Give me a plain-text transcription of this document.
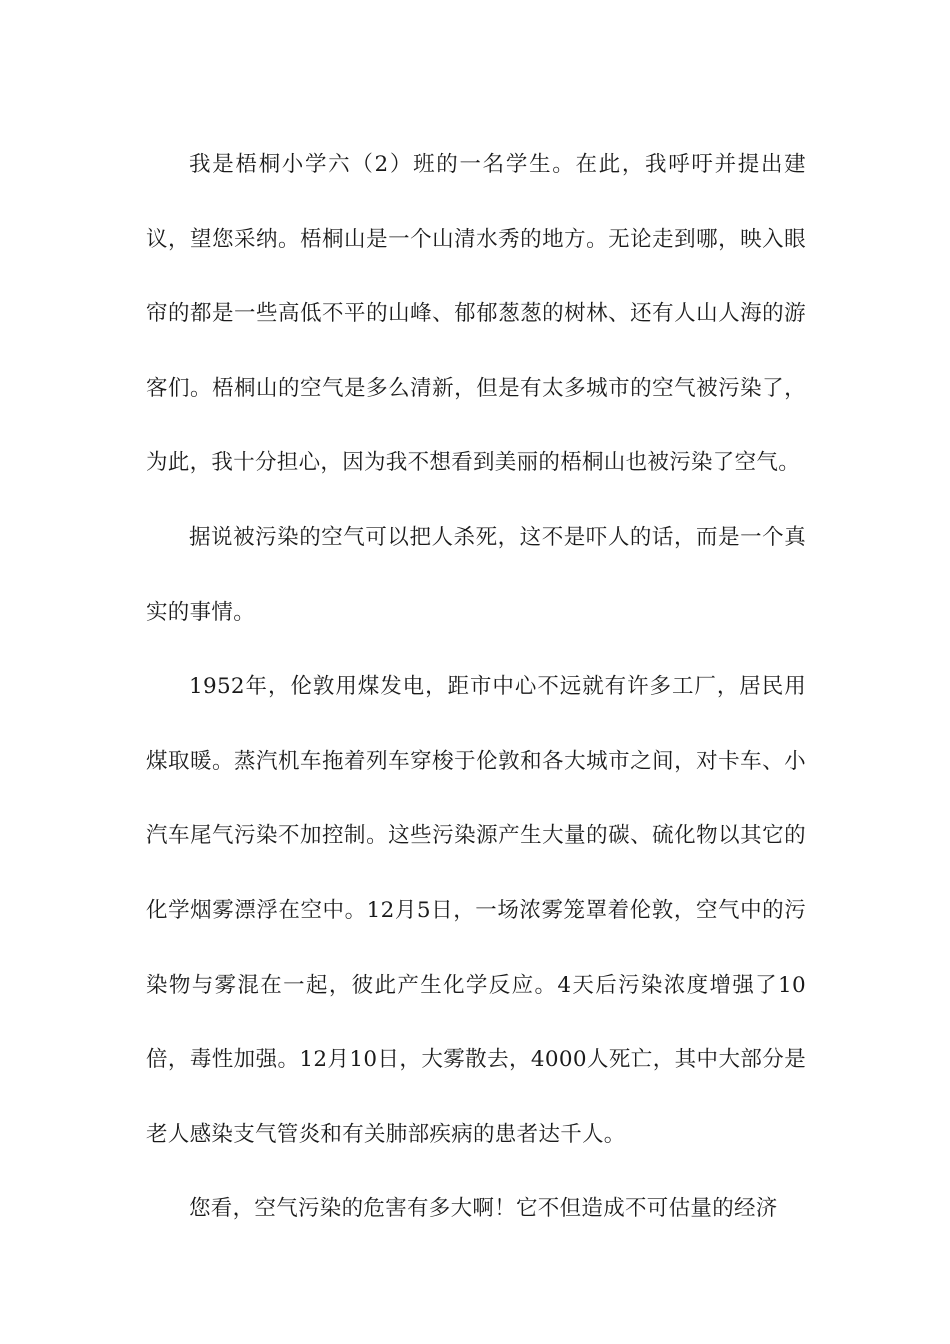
我是梧桐小学六（2）班的一名学生。在此，我呼吁并提出建议，望您采纳。梧桐山是一个山清水秀的地方。无论走到哪，映入眼帘的都是一些高低不平的山峰、郁郁葱葱的树林、还有人山人海的游客们。梧桐山的空气是多么清新，但是有太多城市的空气被污染了，为此，我十分担心，因为我不想看到美丽的梧桐山也被污染了空气。

据说被污染的空气可以把人杀死，这不是吓人的话，而是一个真实的事情。

1952年，伦敦用煤发电，距市中心不远就有许多工厂，居民用煤取暖。蒸汽机车拖着列车穿梭于伦敦和各大城市之间，对卡车、小汽车尾气污染不加控制。这些污染源产生大量的碳、硫化物以其它的化学烟雾漂浮在空中。12月5日，一场浓雾笼罩着伦敦，空气中的污染物与雾混在一起，彼此产生化学反应。4天后污染浓度增强了10倍，毒性加强。12月10日，大雾散去，4000人死亡，其中大部分是老人感染支气管炎和有关肺部疾病的患者达千人。

您看，空气污染的危害有多大啊！它不但造成不可估量的经济
